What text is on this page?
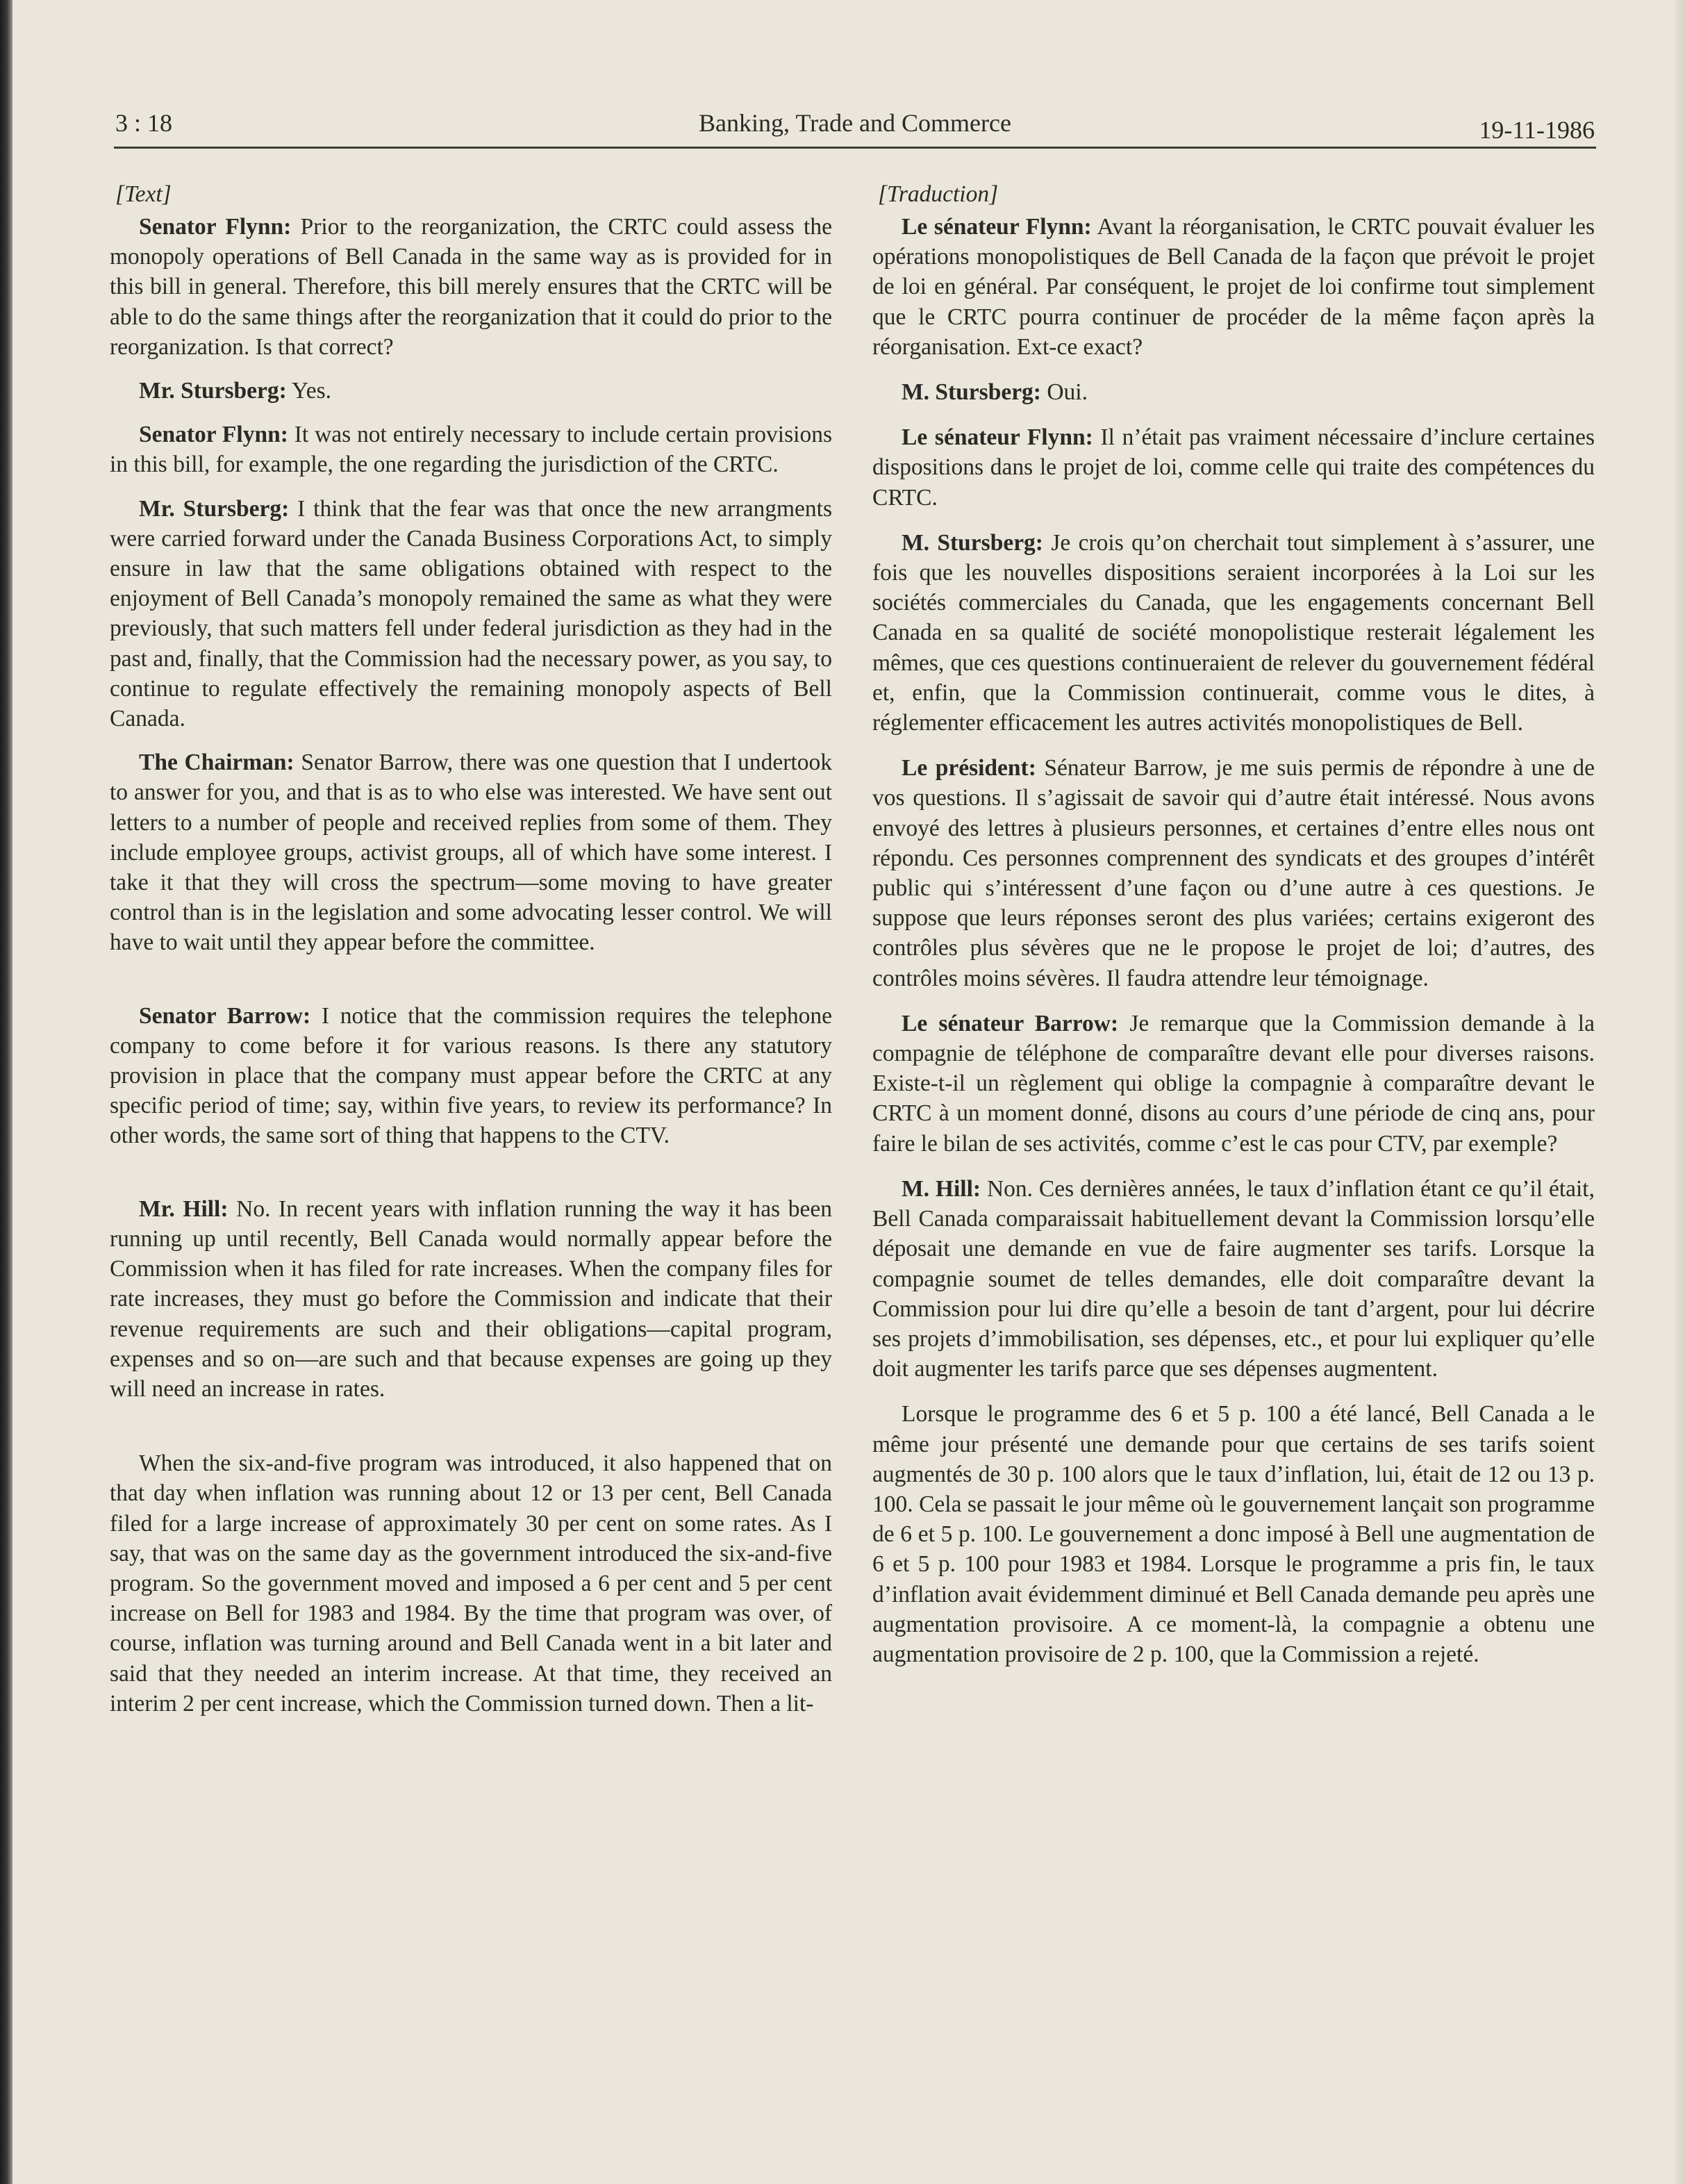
3 : 18	Banking, Trade and Commerce	19-11-1986
[Text]

Senator Flynn: Prior to the reorganization, the CRTC could assess the monopoly operations of Bell Canada in the same way as is provided for in this bill in general. Therefore, this bill merely ensures that the CRTC will be able to do the same things after the reorganization that it could do prior to the reorganization. Is that correct?

Mr. Stursberg: Yes.

Senator Flynn: It was not entirely necessary to include certain provisions in this bill, for example, the one regarding the jurisdiction of the CRTC.

Mr. Stursberg: I think that the fear was that once the new arrangments were carried forward under the Canada Business Corporations Act, to simply ensure in law that the same obligations obtained with respect to the enjoyment of Bell Canada’s monopoly remained the same as what they were previously, that such matters fell under federal jurisdiction as they had in the past and, finally, that the Commission had the necessary power, as you say, to continue to regulate effectively the remaining monopoly aspects of Bell Canada.

The Chairman: Senator Barrow, there was one question that I undertook to answer for you, and that is as to who else was interested. We have sent out letters to a number of people and received replies from some of them. They include employee groups, activist groups, all of which have some interest. I take it that they will cross the spectrum—some moving to have greater control than is in the legislation and some advocating lesser control. We will have to wait until they appear before the committee.

Senator Barrow: I notice that the commission requires the telephone company to come before it for various reasons. Is there any statutory provision in place that the company must appear before the CRTC at any specific period of time; say, within five years, to review its performance? In other words, the same sort of thing that happens to the CTV.

Mr. Hill: No. In recent years with inflation running the way it has been running up until recently, Bell Canada would normally appear before the Commission when it has filed for rate increases. When the company files for rate increases, they must go before the Commission and indicate that their revenue requirements are such and their obligations—capital program, expenses and so on—are such and that because expenses are going up they will need an increase in rates.

When the six-and-five program was introduced, it also happened that on that day when inflation was running about 12 or 13 per cent, Bell Canada filed for a large increase of approximately 30 per cent on some rates. As I say, that was on the same day as the government introduced the six-and-five program. So the government moved and imposed a 6 per cent and 5 per cent increase on Bell for 1983 and 1984. By the time that program was over, of course, inflation was turning around and Bell Canada went in a bit later and said that they needed an interim increase. At that time, they received an interim 2 per cent increase, which the Commission turned down. Then a lit-

[Traduction]

Le sénateur Flynn: Avant la réorganisation, le CRTC pouvait évaluer les opérations monopolistiques de Bell Canada de la façon que prévoit le projet de loi en général. Par conséquent, le projet de loi confirme tout simplement que le CRTC pourra continuer de procéder de la même façon après la réorganisation. Ext-ce exact?

M. Stursberg: Oui.

Le sénateur Flynn: Il n’était pas vraiment nécessaire d’inclure certaines dispositions dans le projet de loi, comme celle qui traite des compétences du CRTC.

M. Stursberg: Je crois qu’on cherchait tout simplement à s’assurer, une fois que les nouvelles dispositions seraient incorporées à la Loi sur les sociétés commerciales du Canada, que les engagements concernant Bell Canada en sa qualité de société monopolistique resterait légalement les mêmes, que ces questions continueraient de relever du gouvernement fédéral et, enfin, que la Commission continuerait, comme vous le dites, à réglementer efficacement les autres activités monopolistiques de Bell.

Le président: Sénateur Barrow, je me suis permis de répondre à une de vos questions. Il s’agissait de savoir qui d’autre était intéressé. Nous avons envoyé des lettres à plusieurs personnes, et certaines d’entre elles nous ont répondu. Ces personnes comprennent des syndicats et des groupes d’intérêt public qui s’intéressent d’une façon ou d’une autre à ces questions. Je suppose que leurs réponses seront des plus variées; certains exigeront des contrôles plus sévères que ne le propose le projet de loi; d’autres, des contrôles moins sévères. Il faudra attendre leur témoignage.

Le sénateur Barrow: Je remarque que la Commission demande à la compagnie de téléphone de comparaître devant elle pour diverses raisons. Existe-t-il un règlement qui oblige la compagnie à comparaître devant le CRTC à un moment donné, disons au cours d’une période de cinq ans, pour faire le bilan de ses activités, comme c’est le cas pour CTV, par exemple?

M. Hill: Non. Ces dernières années, le taux d’inflation étant ce qu’il était, Bell Canada comparaissait habituellement devant la Commission lorsqu’elle déposait une demande en vue de faire augmenter ses tarifs. Lorsque la compagnie soumet de telles demandes, elle doit comparaître devant la Commission pour lui dire qu’elle a besoin de tant d’argent, pour lui décrire ses projets d’immobilisation, ses dépenses, etc., et pour lui expliquer qu’elle doit augmenter les tarifs parce que ses dépenses augmentent.

Lorsque le programme des 6 et 5 p. 100 a été lancé, Bell Canada a le même jour présenté une demande pour que certains de ses tarifs soient augmentés de 30 p. 100 alors que le taux d’inflation, lui, était de 12 ou 13 p. 100. Cela se passait le jour même où le gouvernement lançait son programme de 6 et 5 p. 100. Le gouvernement a donc imposé à Bell une augmentation de 6 et 5 p. 100 pour 1983 et 1984. Lorsque le programme a pris fin, le taux d’inflation avait évidemment diminué et Bell Canada demande peu après une augmentation provisoire. A ce moment-là, la compagnie a obtenu une augmentation provisoire de 2 p. 100, que la Commission a rejeté.
